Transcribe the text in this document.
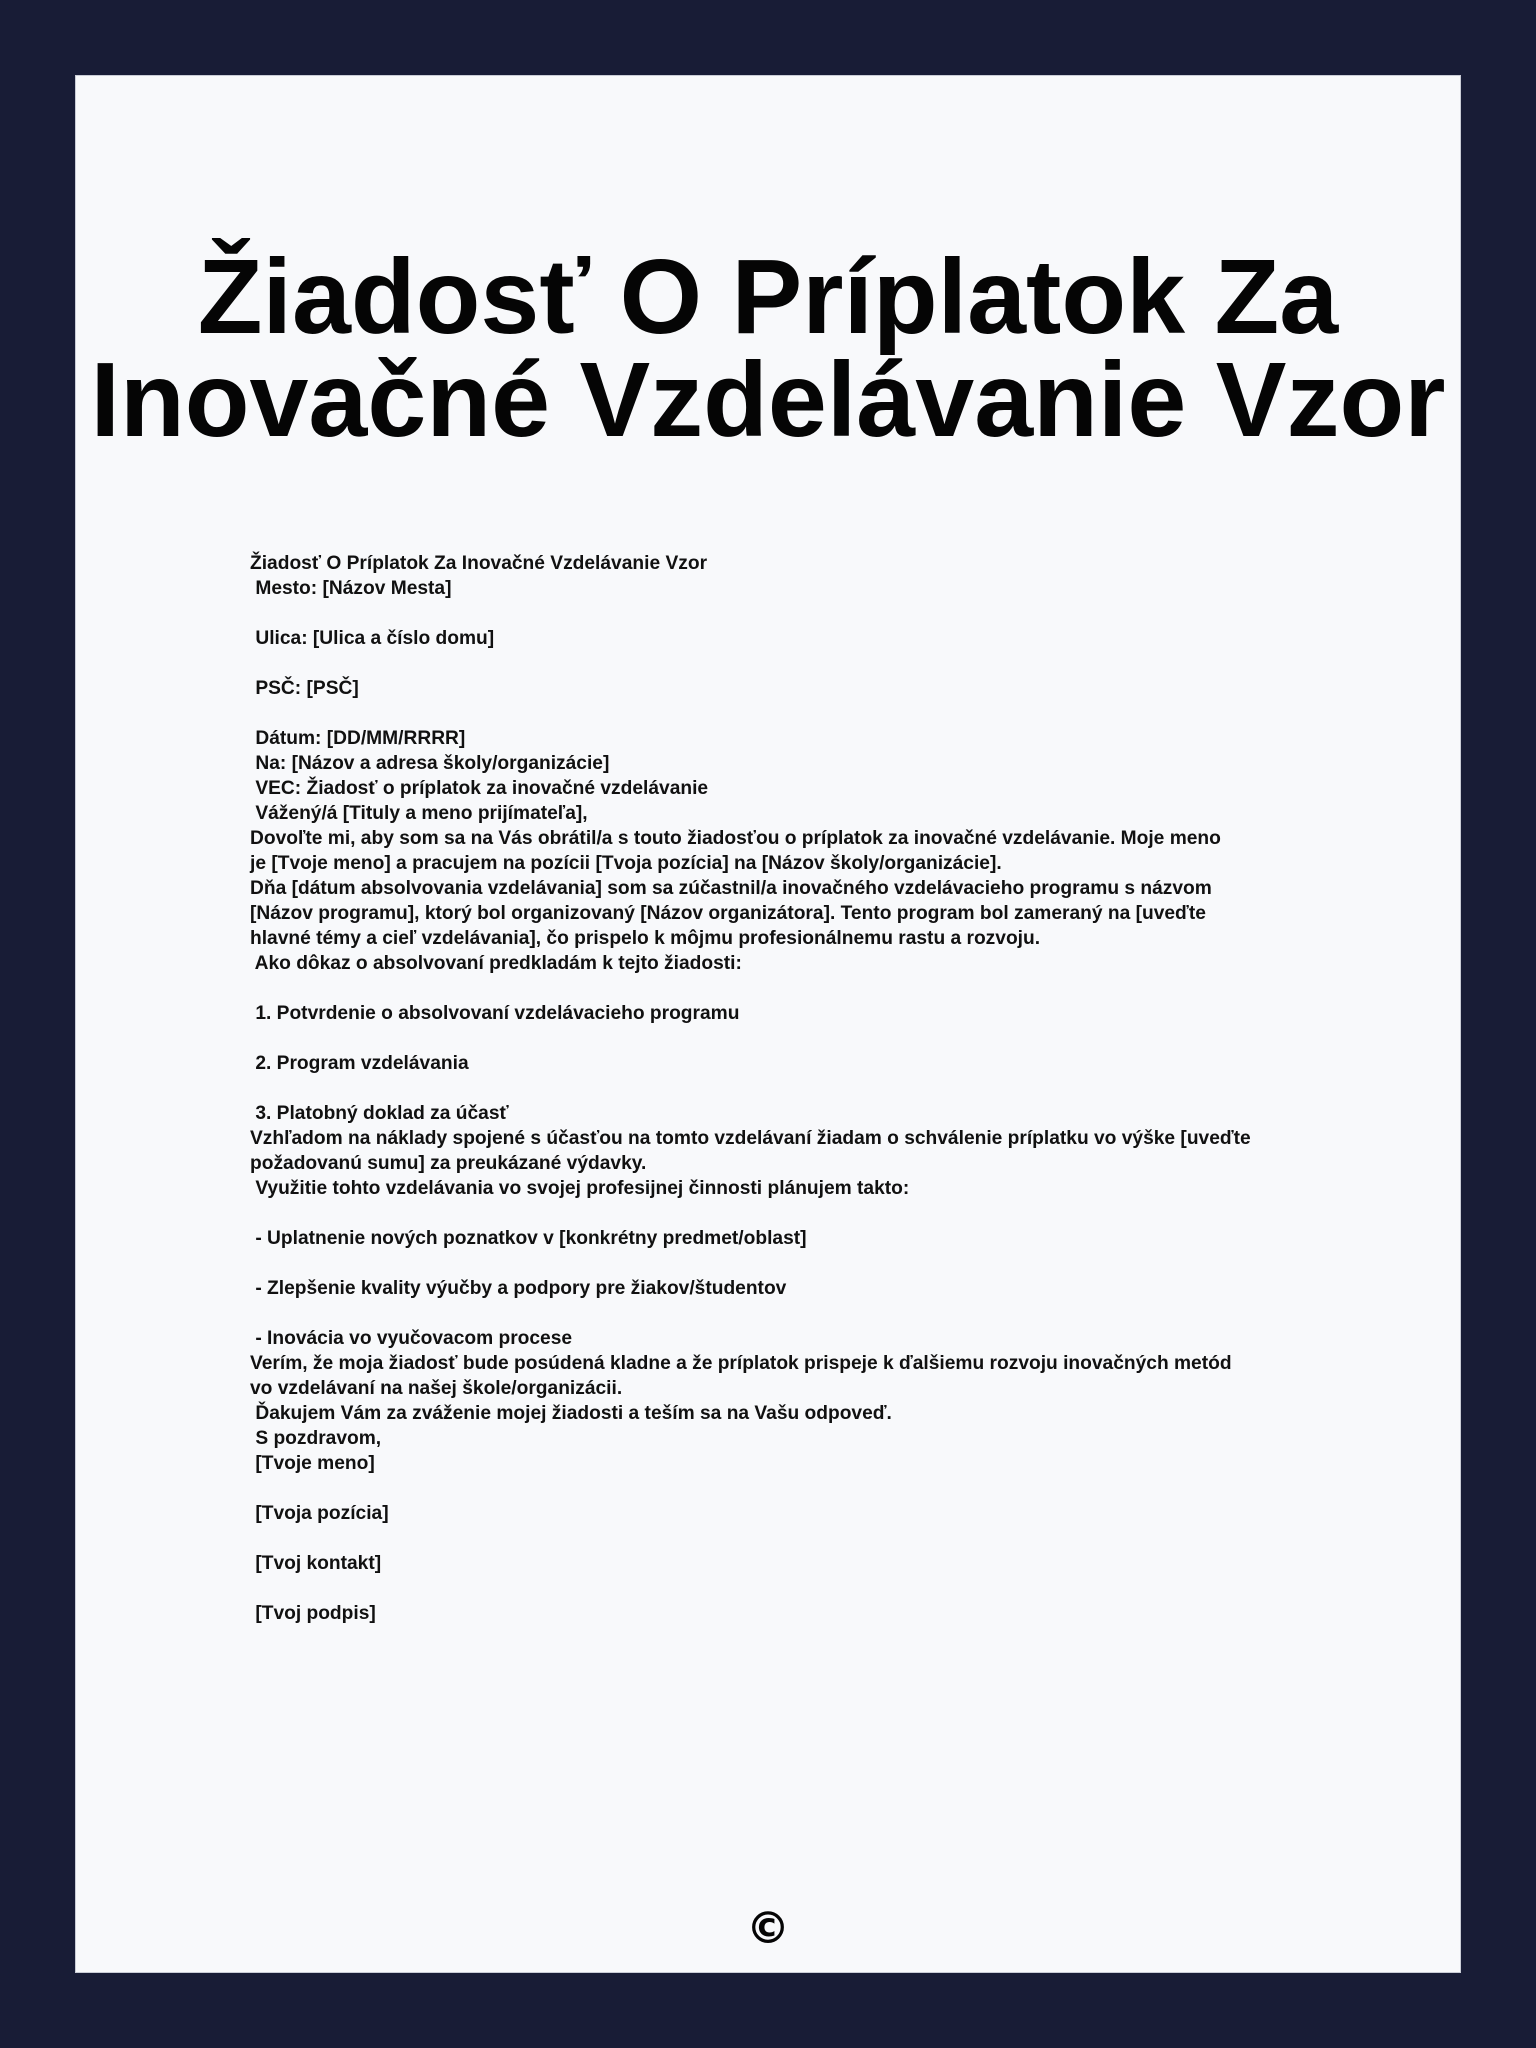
Žiadosť O Príplatok Za
Inovačné Vzdelávanie Vzor
Žiadosť O Príplatok Za Inovačné Vzdelávanie Vzor
Mesto: [Názov Mesta]
Ulica: [Ulica a číslo domu]
PSČ: [PSČ]
Dátum: [DD/MM/RRRR]
Na: [Názov a adresa školy/organizácie]
VEC: Žiadosť o príplatok za inovačné vzdelávanie
Vážený/á [Tituly a meno prijímateľa],
Dovoľte mi, aby som sa na Vás obrátil/a s touto žiadosťou o príplatok za inovačné vzdelávanie. Moje meno
je [Tvoje meno] a pracujem na pozícii [Tvoja pozícia] na [Názov školy/organizácie].
Dňa [dátum absolvovania vzdelávania] som sa zúčastnil/a inovačného vzdelávacieho programu s názvom
[Názov programu], ktorý bol organizovaný [Názov organizátora]. Tento program bol zameraný na [uveďte
hlavné témy a cieľ vzdelávania], čo prispelo k môjmu profesionálnemu rastu a rozvoju.
Ako dôkaz o absolvovaní predkladám k tejto žiadosti:
1. Potvrdenie o absolvovaní vzdelávacieho programu
2. Program vzdelávania
3. Platobný doklad za účasť
Vzhľadom na náklady spojené s účasťou na tomto vzdelávaní žiadam o schválenie príplatku vo výške [uveďte
požadovanú sumu] za preukázané výdavky.
Využitie tohto vzdelávania vo svojej profesijnej činnosti plánujem takto:
- Uplatnenie nových poznatkov v [konkrétny predmet/oblast]
- Zlepšenie kvality výučby a podpory pre žiakov/študentov
- Inovácia vo vyučovacom procese
Verím, že moja žiadosť bude posúdená kladne a že príplatok prispeje k ďalšiemu rozvoju inovačných metód
vo vzdelávaní na našej škole/organizácii.
Ďakujem Vám za zváženie mojej žiadosti a teším sa na Vašu odpoveď.
S pozdravom,
[Tvoje meno]
[Tvoja pozícia]
[Tvoj kontakt]
[Tvoj podpis]
©
